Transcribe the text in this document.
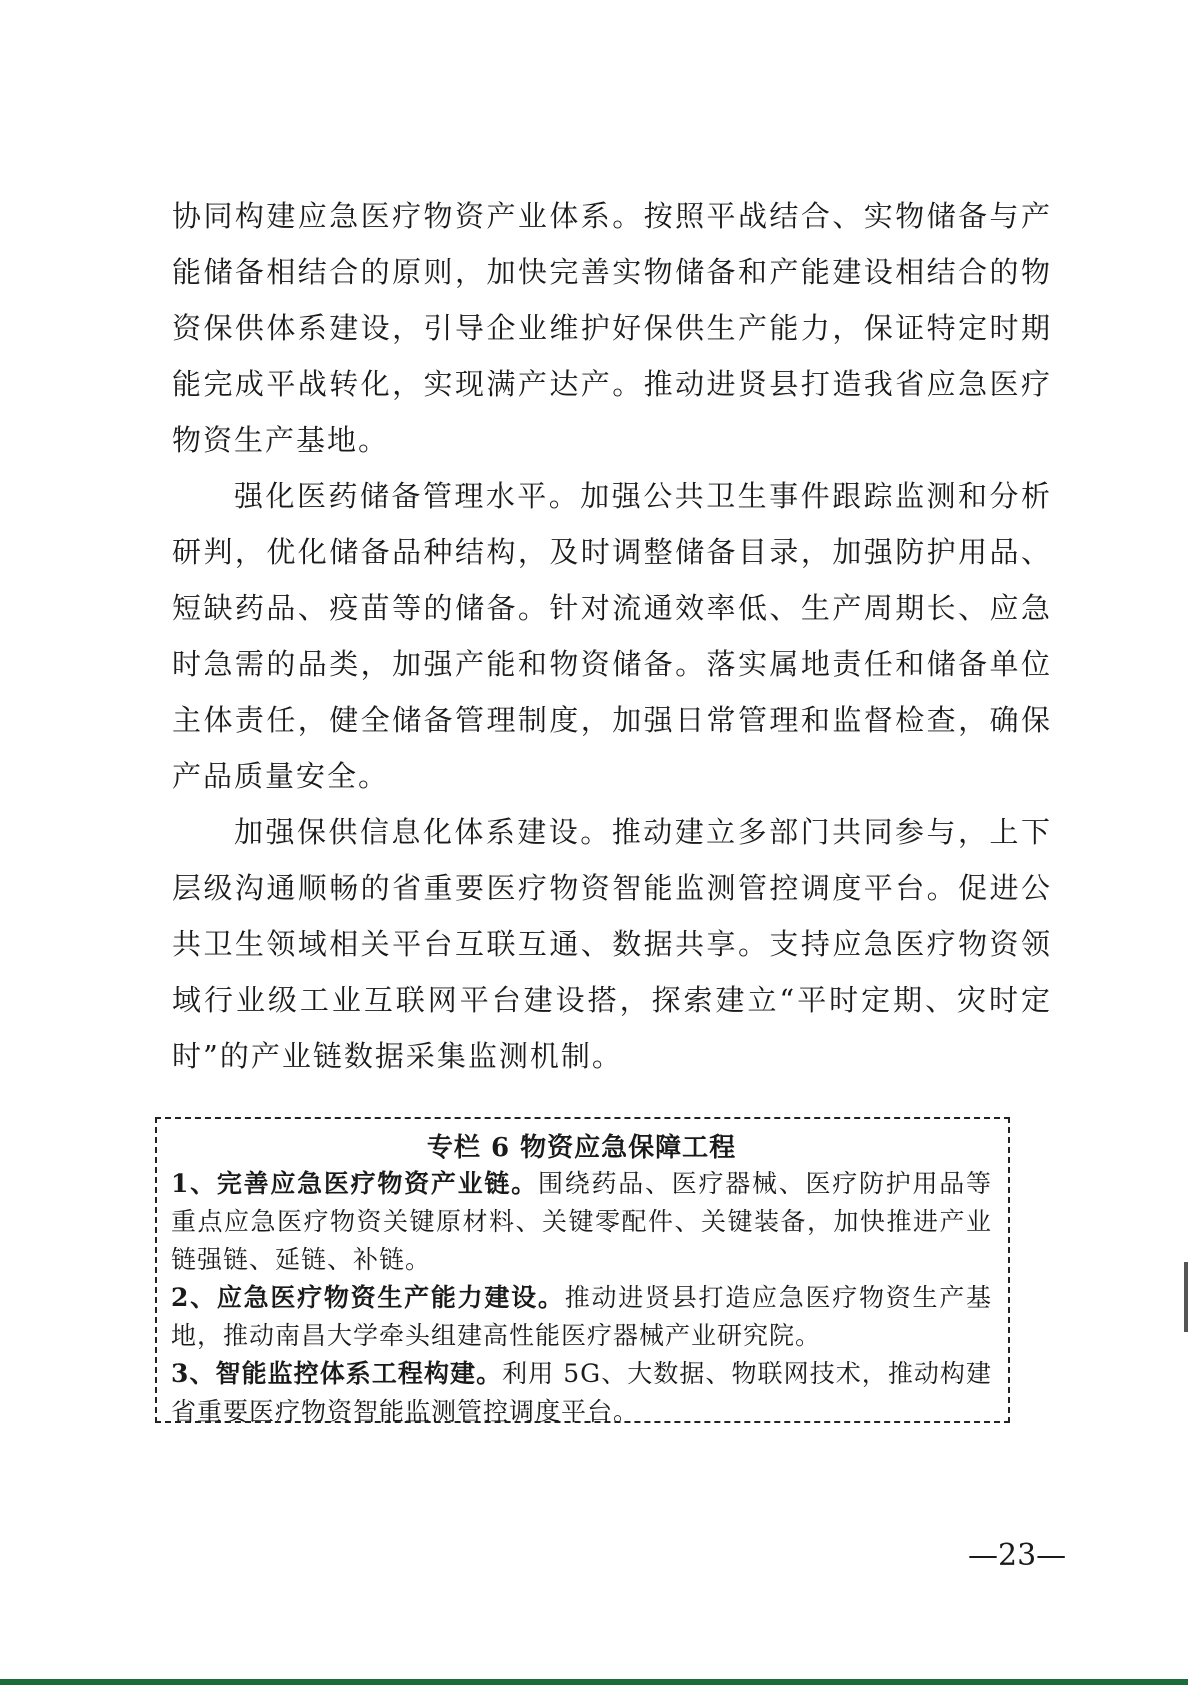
协同构建应急医疗物资产业体系。按照平战结合、实物储备与产能储备相结合的原则，加快完善实物储备和产能建设相结合的物资保供体系建设，引导企业维护好保供生产能力，保证特定时期能完成平战转化，实现满产达产。推动进贤县打造我省应急医疗物资生产基地。

强化医药储备管理水平。加强公共卫生事件跟踪监测和分析研判，优化储备品种结构，及时调整储备目录，加强防护用品、短缺药品、疫苗等的储备。针对流通效率低、生产周期长、应急时急需的品类，加强产能和物资储备。落实属地责任和储备单位主体责任，健全储备管理制度，加强日常管理和监督检查，确保产品质量安全。

加强保供信息化体系建设。推动建立多部门共同参与，上下层级沟通顺畅的省重要医疗物资智能监测管控调度平台。促进公共卫生领域相关平台互联互通、数据共享。支持应急医疗物资领域行业级工业互联网平台建设搭，探索建立“平时定期、灾时定时”的产业链数据采集监测机制。

专栏 6 物资应急保障工程

1、完善应急医疗物资产业链。围绕药品、医疗器械、医疗防护用品等重点应急医疗物资关键原材料、关键零配件、关键装备，加快推进产业链强链、延链、补链。

2、应急医疗物资生产能力建设。推动进贤县打造应急医疗物资生产基地，推动南昌大学牵头组建高性能医疗器械产业研究院。

3、智能监控体系工程构建。利用 5G、大数据、物联网技术，推动构建省重要医疗物资智能监测管控调度平台。

—23—
